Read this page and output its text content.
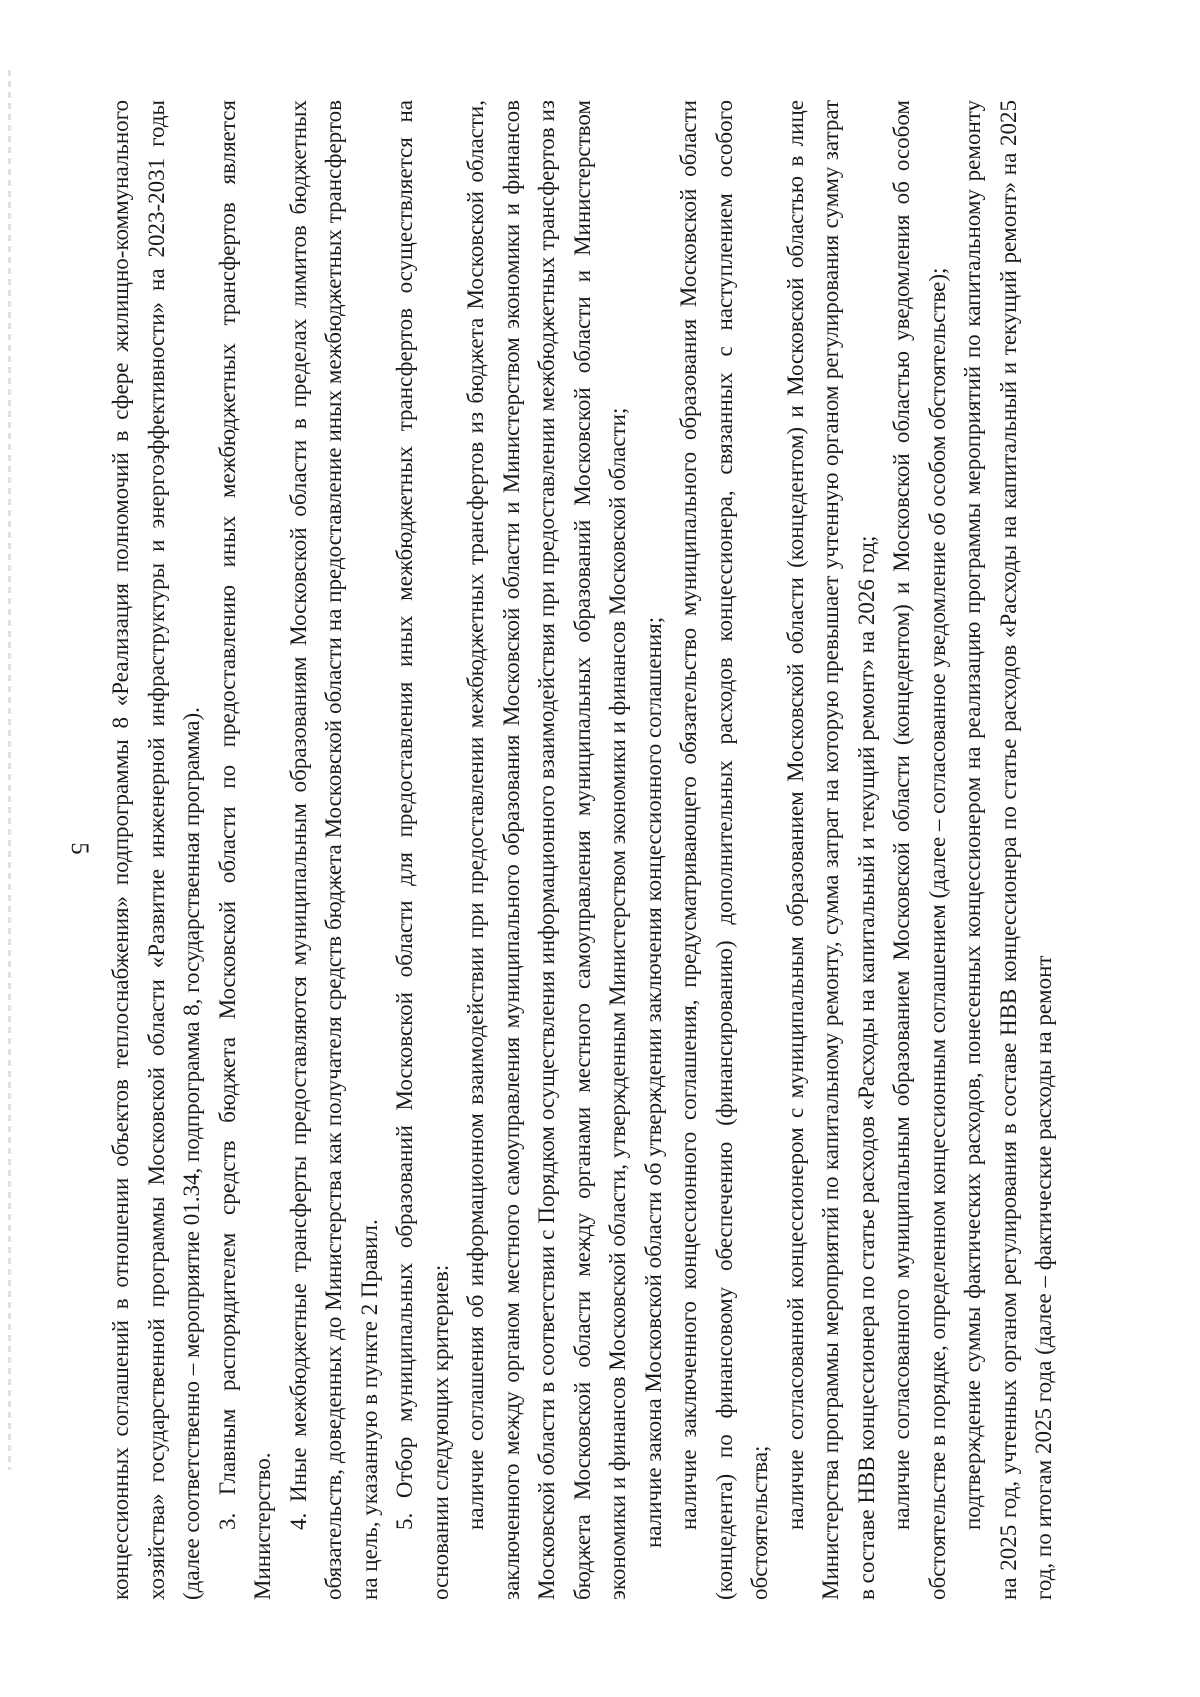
5 концессионных соглашений в отношении объектов теплоснабжения» подпрограммы 8 «Реализация полномочий в сфере жилищно-коммунального хозяйства» государственной программы Московской области «Развитие инженерной инфраструктуры и энергоэффективности» на 2023-2031 годы (далее соответственно – мероприятие 01.34, подпрограмма 8, государственная программа). 3. Главным распорядителем средств бюджета Московской области по предоставлению иных межбюджетных трансфертов является Министерство. 4. Иные межбюджетные трансферты предоставляются муниципальным образованиям Московской области в пределах лимитов бюджетных обязательств, доведенных до Министерства как получателя средств бюджета Московской области на предоставление иных межбюджетных трансфертов на цель, указанную в пункте 2 Правил. 5. Отбор муниципальных образований Московской области для предоставления иных межбюджетных трансфертов осуществляется на основании следующих критериев: наличие соглашения об информационном взаимодействии при предоставлении межбюджетных трансфертов из бюджета Московской области, заключенного между органом местного самоуправления муниципального образования Московской области и Министерством экономики и финансов Московской области в соответствии с Порядком осуществления информационного взаимодействия при предоставлении межбюджетных трансфертов из бюджета Московской области между органами местного самоуправления муниципальных образований Московской области и Министерством экономики и финансов Московской области, утвержденным Министерством экономики и финансов Московской области; наличие закона Московской области об утверждении заключения концессионного соглашения; наличие заключенного концессионного соглашения, предусматривающего обязательство муниципального образования Московской области (концедента) по финансовому обеспечению (финансированию) дополнительных расходов концессионера, связанных с наступлением особого обстоятельства; наличие согласованной концессионером с муниципальным образованием Московской области (концедентом) и Московской областью в лице Министерства программы мероприятий по капитальному ремонту, сумма затрат на которую превышает учтенную органом регулирования сумму затрат в составе НВВ концессионера по статье расходов «Расходы на капитальный и текущий ремонт» на 2026 год; наличие согласованного муниципальным образованием Московской области (концедентом) и Московской областью уведомления об особом обстоятельстве в порядке, определенном концессионным соглашением (далее – согласованное уведомление об особом обстоятельстве); подтверждение суммы фактических расходов, понесенных концессионером на реализацию программы мероприятий по капитальному ремонту на 2025 год, учтенных органом регулирования в составе НВВ концессионера по статье расходов «Расходы на капитальный и текущий ремонт» на 2025 год, по итогам 2025 года (далее – фактические расходы на ремонт
